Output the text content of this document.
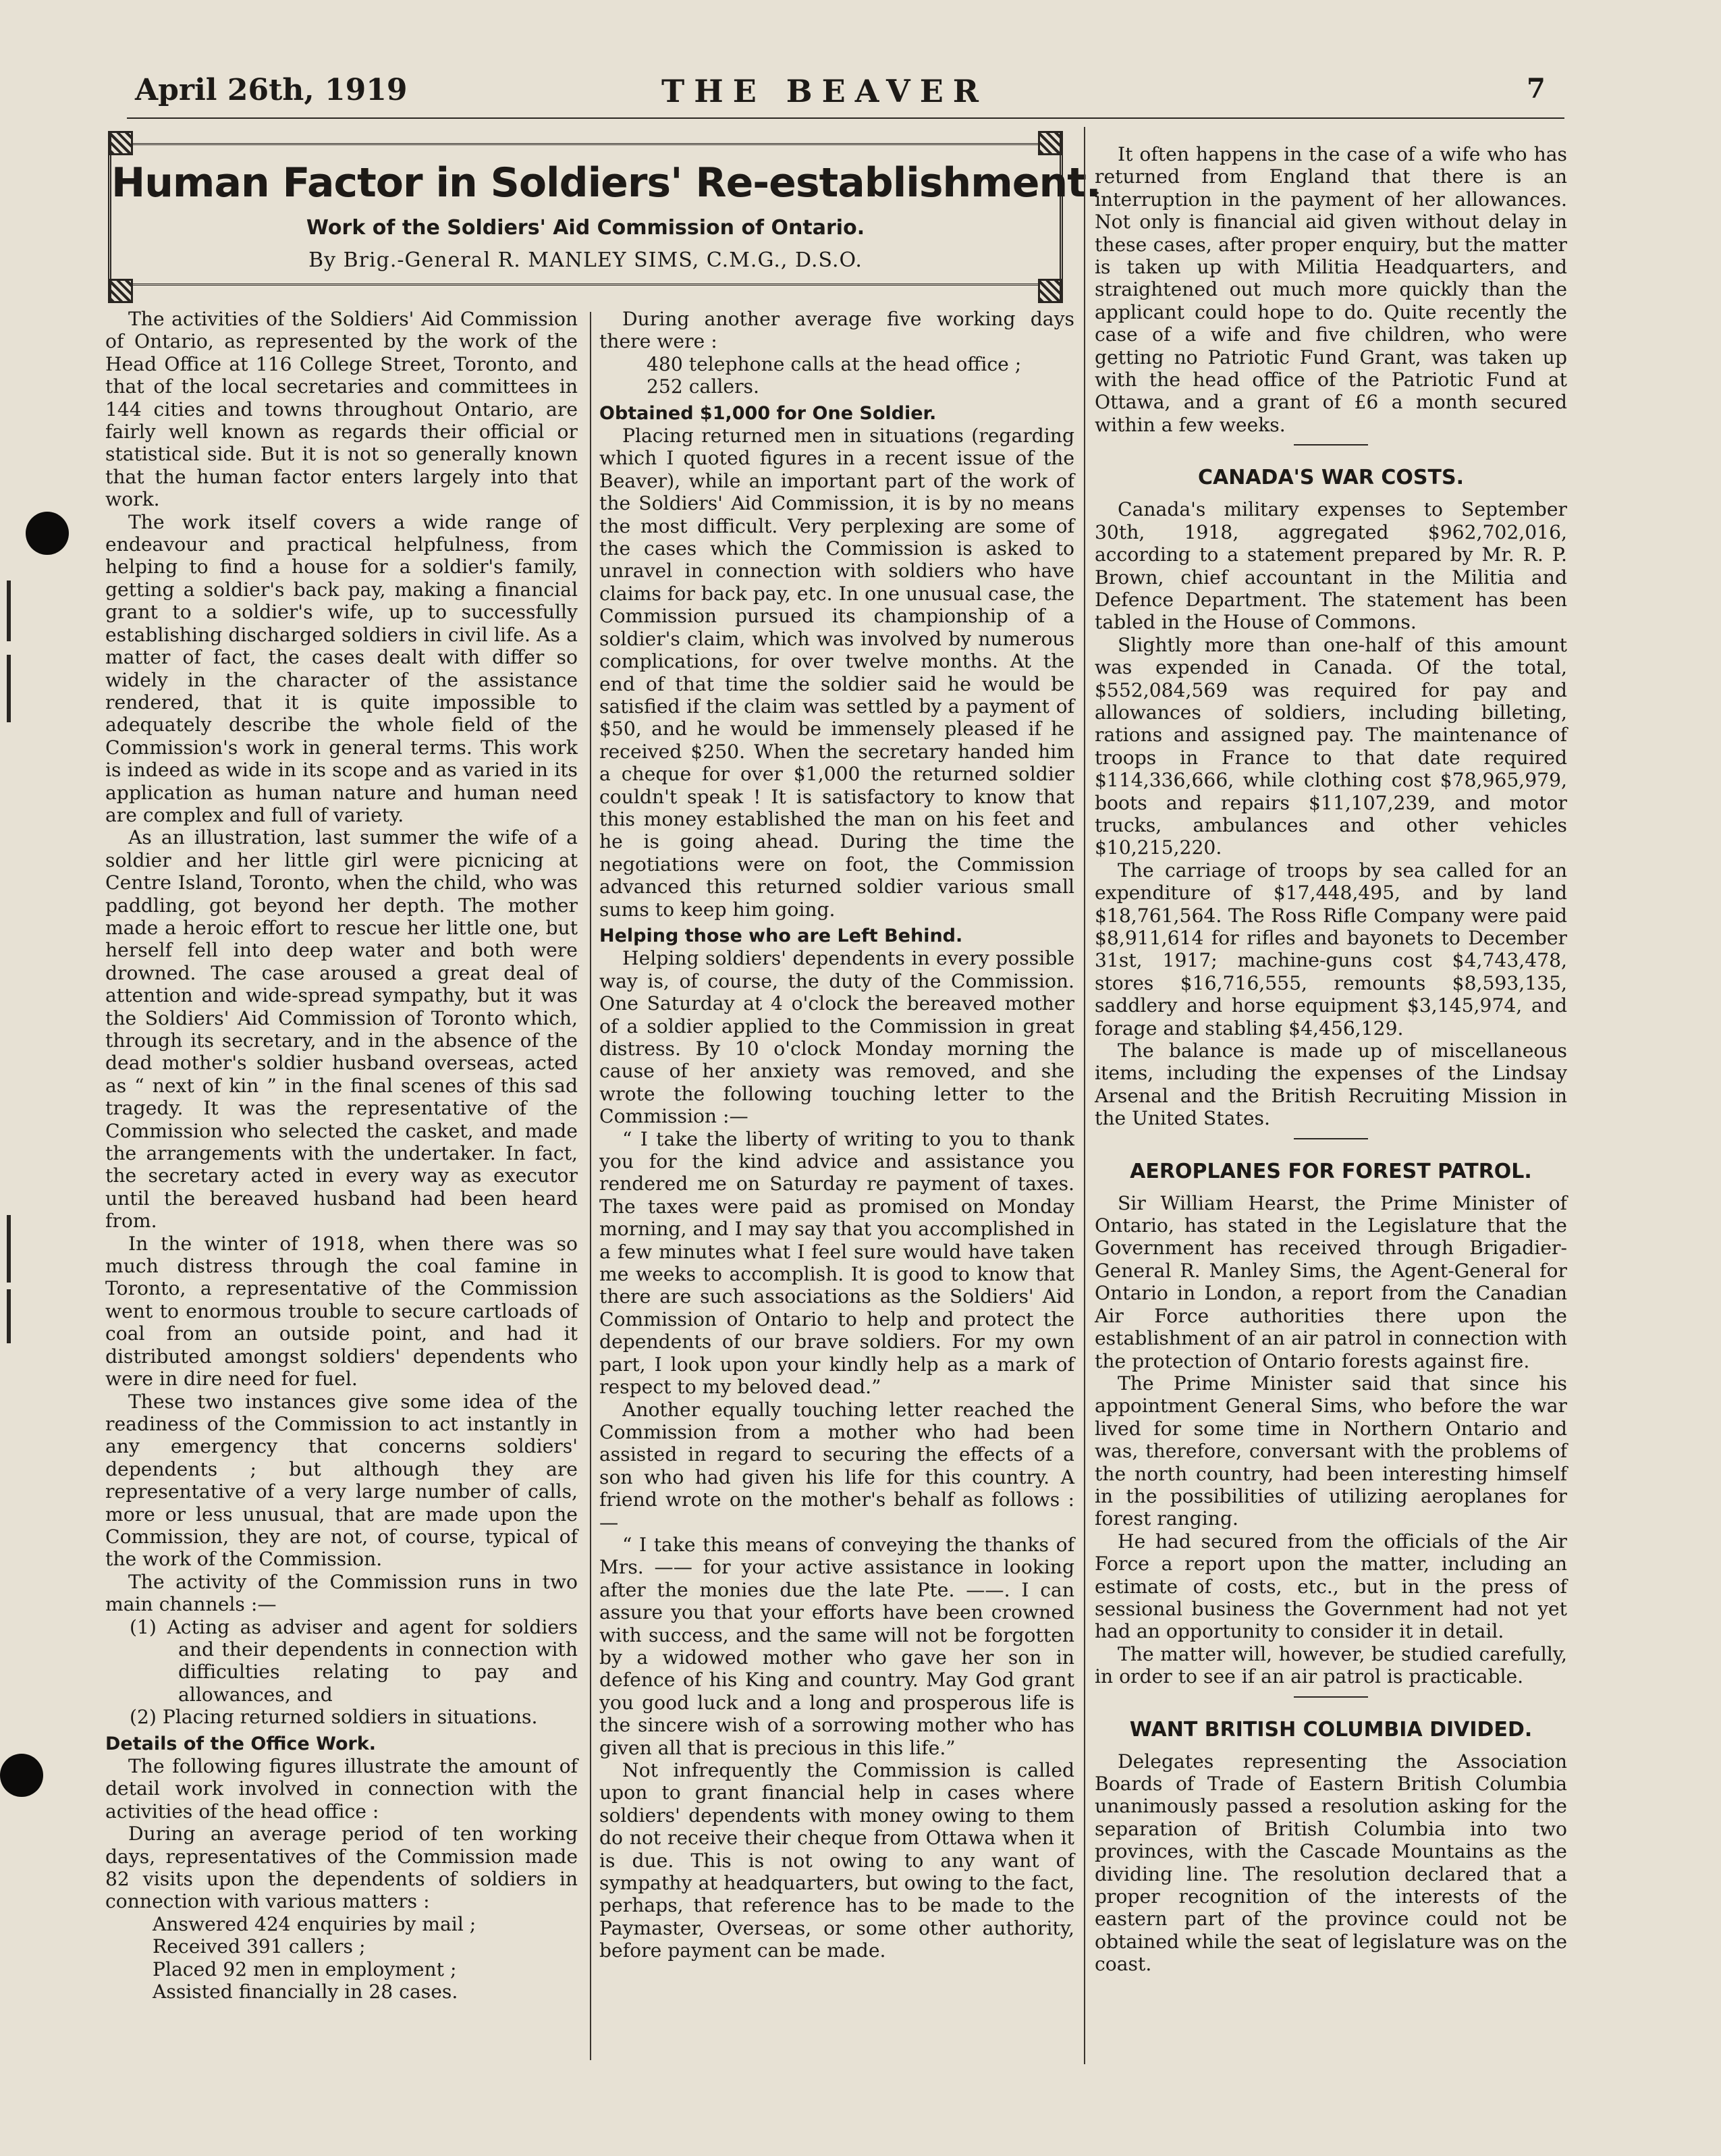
April 26th, 1919	THE BEAVER	7
Human Factor in Soldiers' Re-establishment.
Work of the Soldiers' Aid Commission of Ontario.
By Brig.-General R. MANLEY SIMS, C.M.G., D.S.O.

The activities of the Soldiers' Aid Commission of Ontario, as represented by the work of the Head Office at 116 College Street, Toronto, and that of the local secretaries and committees in 144 cities and towns throughout Ontario, are fairly well known as regards their official or statistical side. But it is not so generally known that the human factor enters largely into that work.

The work itself covers a wide range of endeavour and practical helpfulness, from helping to find a house for a soldier's family, getting a soldier's back pay, making a financial grant to a soldier's wife, up to successfully establishing discharged soldiers in civil life. As a matter of fact, the cases dealt with differ so widely in the character of the assistance rendered, that it is quite impossible to adequately describe the whole field of the Commission's work in general terms. This work is indeed as wide in its scope and as varied in its application as human nature and human need are complex and full of variety.

As an illustration, last summer the wife of a soldier and her little girl were picnicing at Centre Island, Toronto, when the child, who was paddling, got beyond her depth. The mother made a heroic effort to rescue her little one, but herself fell into deep water and both were drowned. The case aroused a great deal of attention and wide-spread sympathy, but it was the Soldiers' Aid Commission of Toronto which, through its secretary, and in the absence of the dead mother's soldier husband overseas, acted as “ next of kin ” in the final scenes of this sad tragedy. It was the representative of the Commission who selected the casket, and made the arrangements with the undertaker. In fact, the secretary acted in every way as executor until the bereaved husband had been heard from.

In the winter of 1918, when there was so much distress through the coal famine in Toronto, a representative of the Commission went to enormous trouble to secure cartloads of coal from an outside point, and had it distributed amongst soldiers' dependents who were in dire need for fuel.

These two instances give some idea of the readiness of the Commission to act instantly in any emergency that concerns soldiers' dependents ; but although they are representative of a very large number of calls, more or less unusual, that are made upon the Commission, they are not, of course, typical of the work of the Commission.

The activity of the Commission runs in two main channels :—

(1) Acting as adviser and agent for soldiers and their dependents in connection with difficulties relating to pay and allowances, and

(2) Placing returned soldiers in situations.

Details of the Office Work.

The following figures illustrate the amount of detail work involved in connection with the activities of the head office :

During an average period of ten working days, representatives of the Commission made 82 visits upon the dependents of soldiers in connection with various matters :

Answered 424 enquiries by mail ;

Received 391 callers ;

Placed 92 men in employment ;

Assisted financially in 28 cases.

During another average five working days there were :

480 telephone calls at the head office ;

252 callers.

Obtained $1,000 for One Soldier.

Placing returned men in situations (regarding which I quoted figures in a recent issue of the Beaver), while an important part of the work of the Soldiers' Aid Commission, it is by no means the most difficult. Very perplexing are some of the cases which the Commission is asked to unravel in connection with soldiers who have claims for back pay, etc. In one unusual case, the Commission pursued its championship of a soldier's claim, which was involved by numerous complications, for over twelve months. At the end of that time the soldier said he would be satisfied if the claim was settled by a payment of $50, and he would be immensely pleased if he received $250. When the secretary handed him a cheque for over $1,000 the returned soldier couldn't speak ! It is satisfactory to know that this money established the man on his feet and he is going ahead. During the time the negotiations were on foot, the Commission advanced this returned soldier various small sums to keep him going.

Helping those who are Left Behind.

Helping soldiers' dependents in every possible way is, of course, the duty of the Commission. One Saturday at 4 o'clock the bereaved mother of a soldier applied to the Commission in great distress. By 10 o'clock Monday morning the cause of her anxiety was removed, and she wrote the following touching letter to the Commission :—

“ I take the liberty of writing to you to thank you for the kind advice and assistance you rendered me on Saturday re payment of taxes. The taxes were paid as promised on Monday morning, and I may say that you accomplished in a few minutes what I feel sure would have taken me weeks to accomplish. It is good to know that there are such associations as the Soldiers' Aid Commission of Ontario to help and protect the dependents of our brave soldiers. For my own part, I look upon your kindly help as a mark of respect to my beloved dead.”

Another equally touching letter reached the Commission from a mother who had been assisted in regard to securing the effects of a son who had given his life for this country. A friend wrote on the mother's behalf as follows :—

“ I take this means of conveying the thanks of Mrs. —— for your active assistance in looking after the monies due the late Pte. ——. I can assure you that your efforts have been crowned with success, and the same will not be forgotten by a widowed mother who gave her son in defence of his King and country. May God grant you good luck and a long and prosperous life is the sincere wish of a sorrowing mother who has given all that is precious in this life.”

Not infrequently the Commission is called upon to grant financial help in cases where soldiers' dependents with money owing to them do not receive their cheque from Ottawa when it is due. This is not owing to any want of sympathy at headquarters, but owing to the fact, perhaps, that reference has to be made to the Paymaster, Overseas, or some other authority, before payment can be made.

It often happens in the case of a wife who has returned from England that there is an interruption in the payment of her allowances. Not only is financial aid given without delay in these cases, after proper enquiry, but the matter is taken up with Militia Headquarters, and straightened out much more quickly than the applicant could hope to do. Quite recently the case of a wife and five children, who were getting no Patriotic Fund Grant, was taken up with the head office of the Patriotic Fund at Ottawa, and a grant of £6 a month secured within a few weeks.

CANADA'S WAR COSTS.

Canada's military expenses to September 30th, 1918, aggregated $962,702,016, according to a statement prepared by Mr. R. P. Brown, chief accountant in the Militia and Defence Department. The statement has been tabled in the House of Commons.

Slightly more than one-half of this amount was expended in Canada. Of the total, $552,084,569 was required for pay and allowances of soldiers, including billeting, rations and assigned pay. The maintenance of troops in France to that date required $114,336,666, while clothing cost $78,965,979, boots and repairs $11,107,239, and motor trucks, ambulances and other vehicles $10,215,220.

The carriage of troops by sea called for an expenditure of $17,448,495, and by land $18,761,564. The Ross Rifle Company were paid $8,911,614 for rifles and bayonets to December 31st, 1917; machine-guns cost $4,743,478, stores $16,716,555, remounts $8,593,135, saddlery and horse equipment $3,145,974, and forage and stabling $4,456,129.

The balance is made up of miscellaneous items, including the expenses of the Lindsay Arsenal and the British Recruiting Mission in the United States.

AEROPLANES FOR FOREST PATROL.

Sir William Hearst, the Prime Minister of Ontario, has stated in the Legislature that the Government has received through Brigadier-General R. Manley Sims, the Agent-General for Ontario in London, a report from the Canadian Air Force authorities there upon the establishment of an air patrol in connection with the protection of Ontario forests against fire.

The Prime Minister said that since his appointment General Sims, who before the war lived for some time in Northern Ontario and was, therefore, conversant with the problems of the north country, had been interesting himself in the possibilities of utilizing aeroplanes for forest ranging.

He had secured from the officials of the Air Force a report upon the matter, including an estimate of costs, etc., but in the press of sessional business the Government had not yet had an opportunity to consider it in detail.

The matter will, however, be studied carefully, in order to see if an air patrol is practicable.

WANT BRITISH COLUMBIA DIVIDED.

Delegates representing the Association Boards of Trade of Eastern British Columbia unanimously passed a resolution asking for the separation of British Columbia into two provinces, with the Cascade Mountains as the dividing line. The resolution declared that a proper recognition of the interests of the eastern part of the province could not be obtained while the seat of legislature was on the coast.
